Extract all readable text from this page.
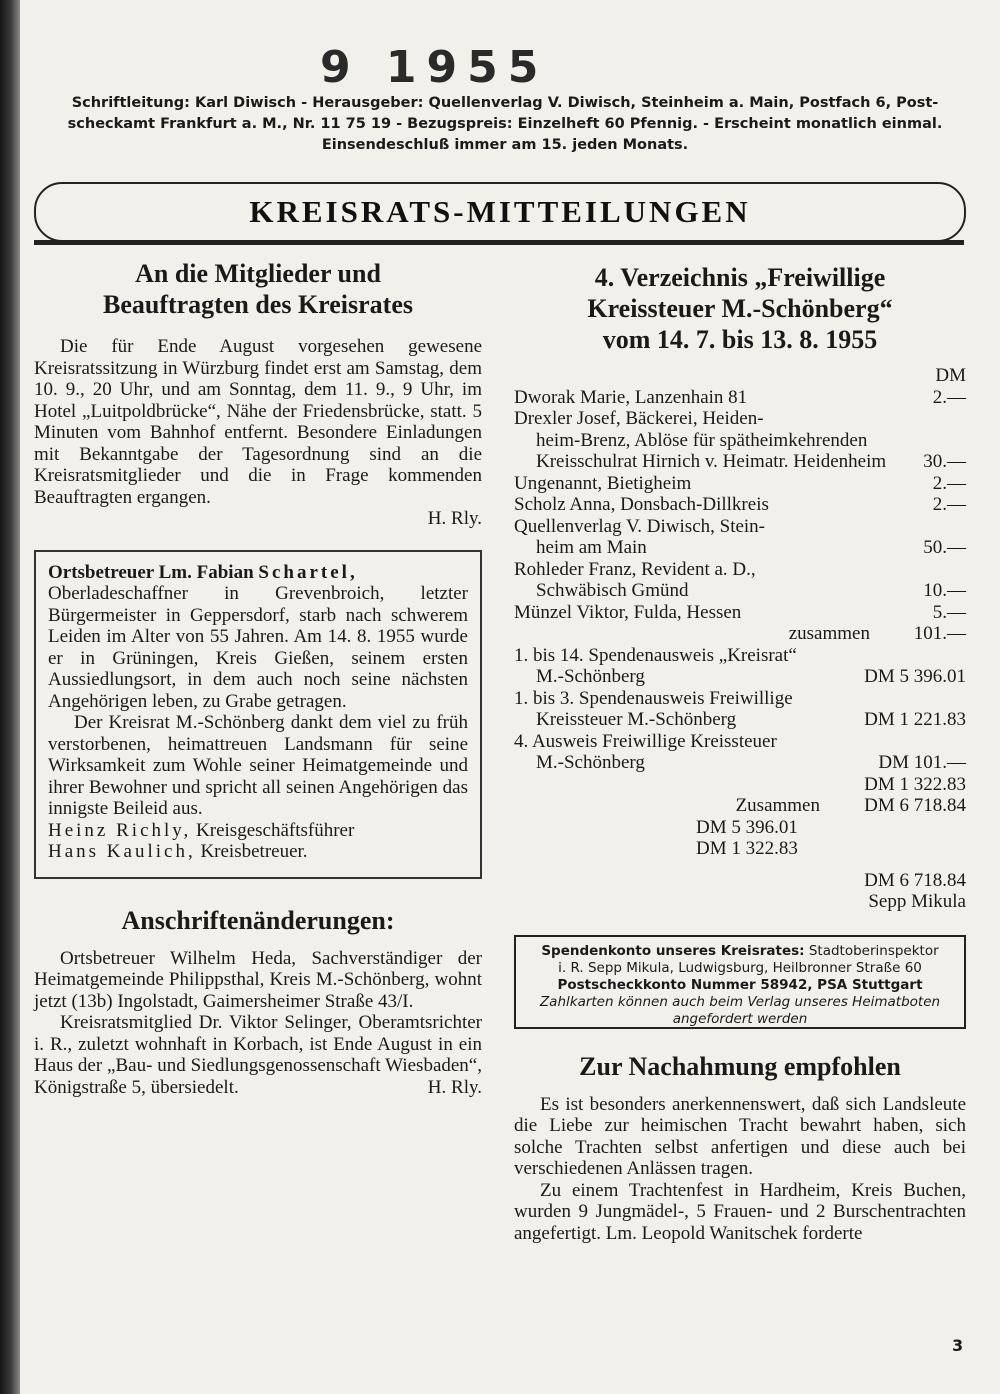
9 1955
Schriftleitung: Karl Diwisch - Herausgeber: Quellenverlag V. Diwisch, Steinheim a. Main, Postfach 6, Post-
scheckamt Frankfurt a. M., Nr. 11 75 19 - Bezugspreis: Einzelheft 60 Pfennig. - Erscheint monatlich einmal.
Einsendeschluß immer am 15. jeden Monats.
KREISRATS-MITTEILUNGEN
An die Mitglieder und
Beauftragten des Kreisrates

Die für Ende August vorgesehen gewesene Kreisratssitzung in Würzburg findet erst am Samstag, dem 10. 9., 20 Uhr, und am Sonntag, dem 11. 9., 9 Uhr, im Hotel „Luitpoldbrücke“, Nähe der Friedensbrücke, statt. 5 Minuten vom Bahnhof entfernt. Besondere Einladungen mit Bekanntgabe der Tagesordnung sind an die Kreisratsmitglieder und die in Frage kommenden Beauftragten ergangen.

H. Rly.

Ortsbetreuer Lm. Fabian Schartel,

Oberladeschaffner in Grevenbroich, letzter Bürgermeister in Geppersdorf, starb nach schwerem Leiden im Alter von 55 Jahren. Am 14. 8. 1955 wurde er in Grüningen, Kreis Gießen, seinem ersten Aussiedlungsort, in dem auch noch seine nächsten Angehörigen leben, zu Grabe getragen.

Der Kreisrat M.-Schönberg dankt dem viel zu früh verstorbenen, heimattreuen Landsmann für seine Wirksamkeit zum Wohle seiner Heimatgemeinde und ihrer Bewohner und spricht all seinen Angehörigen das innigste Beileid aus.

Heinz Richly, Kreisgeschäftsführer

Hans Kaulich, Kreisbetreuer.

Anschriftenänderungen:

Ortsbetreuer Wilhelm Heda, Sachverständiger der Heimatgemeinde Philippsthal, Kreis M.-Schönberg, wohnt jetzt (13b) Ingolstadt, Gaimersheimer Straße 43/I.

Kreisratsmitglied Dr. Viktor Selinger, Oberamtsrichter i. R., zuletzt wohnhaft in Korbach, ist Ende August in ein Haus der „Bau- und Siedlungsgenossenschaft Wiesbaden“, Königstraße 5, übersiedelt.	H. Rly.
4. Verzeichnis „Freiwillige
Kreissteuer M.-Schönberg“
vom 14. 7. bis 13. 8. 1955
DM
Dworak Marie, Lanzenhain 81	2.—
Drexler Josef, Bäckerei, Heiden-
heim-Brenz, Ablöse für spätheimkehrenden Kreisschulrat Hirnich v. Heimatr. Heidenheim	30.—
Ungenannt, Bietigheim	2.—
Scholz Anna, Donsbach-Dillkreis	2.—
Quellenverlag V. Diwisch, Stein-
heim am Main	50.—
Rohleder Franz, Revident a. D.,
Schwäbisch Gmünd	10.—
Münzel Viktor, Fulda, Hessen	5.—
zusammen	101.—
1. bis 14. Spendenausweis „Kreisrat“
M.-Schönberg	DM 5 396.01
1. bis 3. Spendenausweis Freiwillige
Kreissteuer M.-Schönberg	DM 1 221.83
4. Ausweis Freiwillige Kreissteuer
M.-Schönberg	DM 101.—
DM 1 322.83
Zusammen	DM 6 718.84
DM 5 396.01
DM 1 322.83
DM 6 718.84
Sepp Mikula
Spendenkonto unseres Kreisrates: Stadtoberinspektor
i. R. Sepp Mikula, Ludwigsburg, Heilbronner Straße 60
Postscheckkonto Nummer 58942, PSA Stuttgart
Zahlkarten können auch beim Verlag unseres Heimatboten angefordert werden
Zur Nachahmung empfohlen

Es ist besonders anerkennenswert, daß sich Landsleute die Liebe zur heimischen Tracht bewahrt haben, sich solche Trachten selbst anfertigen und diese auch bei verschiedenen Anlässen tragen.

Zu einem Trachtenfest in Hardheim, Kreis Buchen, wurden 9 Jungmädel-, 5 Frauen- und 2 Burschentrachten angefertigt. Lm. Leopold Wanitschek forderte

3
